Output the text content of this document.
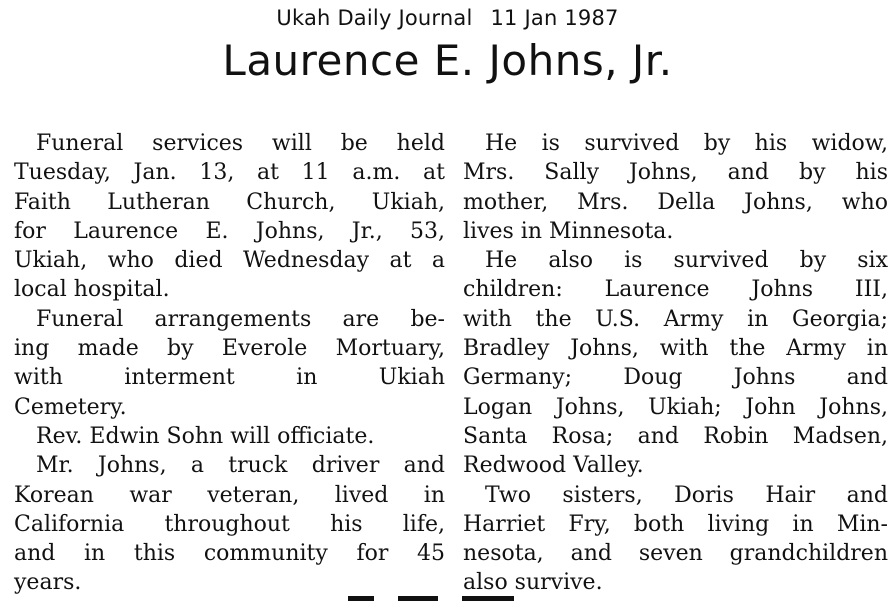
Ukah Daily Journal 11 Jan 1987
Laurence E. Johns, Jr.
Funeral services will be held
Tuesday, Jan. 13, at 11 a.m. at
Faith Lutheran Church, Ukiah,
for Laurence E. Johns, Jr., 53,
Ukiah, who died Wednesday at a
local hospital.
Funeral arrangements are be-
ing made by Everole Mortuary,
with interment in Ukiah
Cemetery.
Rev. Edwin Sohn will officiate.
Mr. Johns, a truck driver and
Korean war veteran, lived in
California throughout his life,
and in this community for 45
years.
He is survived by his widow,
Mrs. Sally Johns, and by his
mother, Mrs. Della Johns, who
lives in Minnesota.
He also is survived by six
children: Laurence Johns III,
with the U.S. Army in Georgia;
Bradley Johns, with the Army in
Germany; Doug Johns and
Logan Johns, Ukiah; John Johns,
Santa Rosa; and Robin Madsen,
Redwood Valley.
Two sisters, Doris Hair and
Harriet Fry, both living in Min-
nesota, and seven grandchildren
also survive.
